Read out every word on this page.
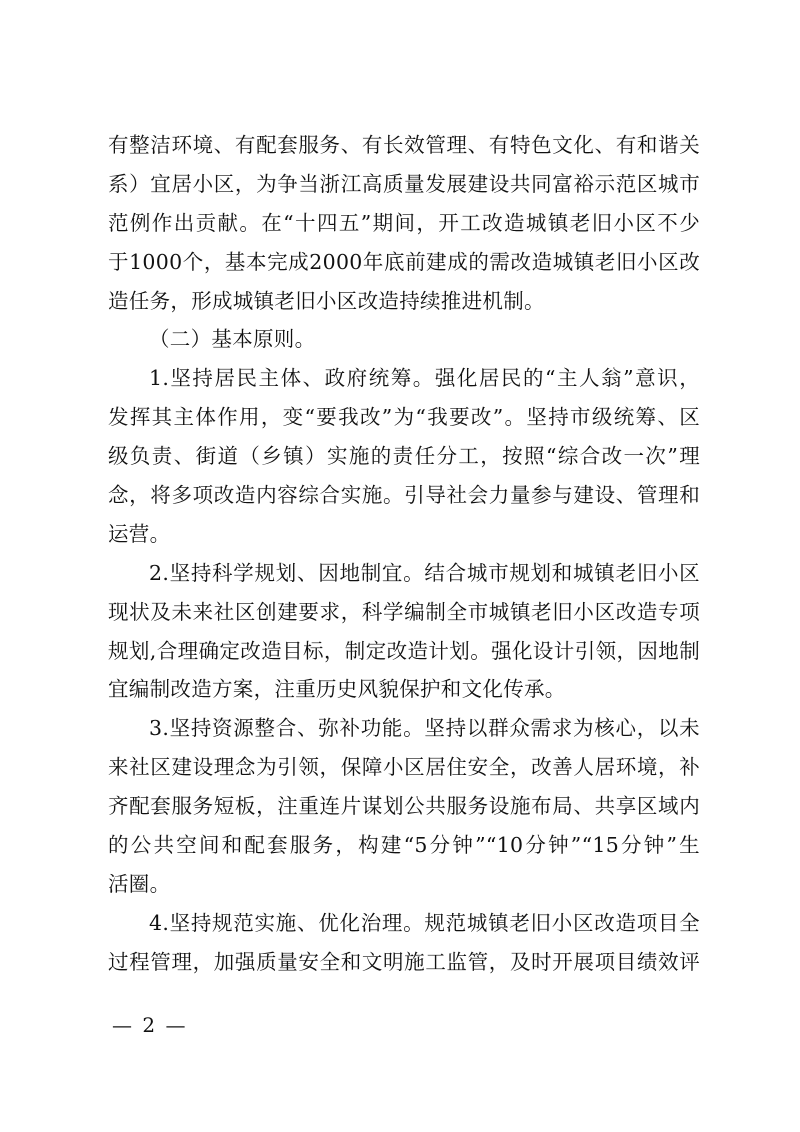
有整洁环境、有配套服务、有长效管理、有特色文化、有和谐关
系）宜居小区，为争当浙江高质量发展建设共同富裕示范区城市
范例作出贡献。在“十四五”期间，开工改造城镇老旧小区不少
于1000个，基本完成2000年底前建成的需改造城镇老旧小区改
造任务，形成城镇老旧小区改造持续推进机制。
（二）基本原则。
1.坚持居民主体、政府统筹。强化居民的“主人翁”意识，
发挥其主体作用，变“要我改”为“我要改”。坚持市级统筹、区
级负责、街道（乡镇）实施的责任分工，按照“综合改一次”理
念，将多项改造内容综合实施。引导社会力量参与建设、管理和
运营。
2.坚持科学规划、因地制宜。结合城市规划和城镇老旧小区
现状及未来社区创建要求，科学编制全市城镇老旧小区改造专项
规划,合理确定改造目标，制定改造计划。强化设计引领，因地制
宜编制改造方案，注重历史风貌保护和文化传承。
3.坚持资源整合、弥补功能。坚持以群众需求为核心，以未
来社区建设理念为引领，保障小区居住安全，改善人居环境，补
齐配套服务短板，注重连片谋划公共服务设施布局、共享区域内
的公共空间和配套服务，构建“5分钟”“10分钟”“15分钟”生
活圈。
4.坚持规范实施、优化治理。规范城镇老旧小区改造项目全
过程管理，加强质量安全和文明施工监管，及时开展项目绩效评
— 2 —
